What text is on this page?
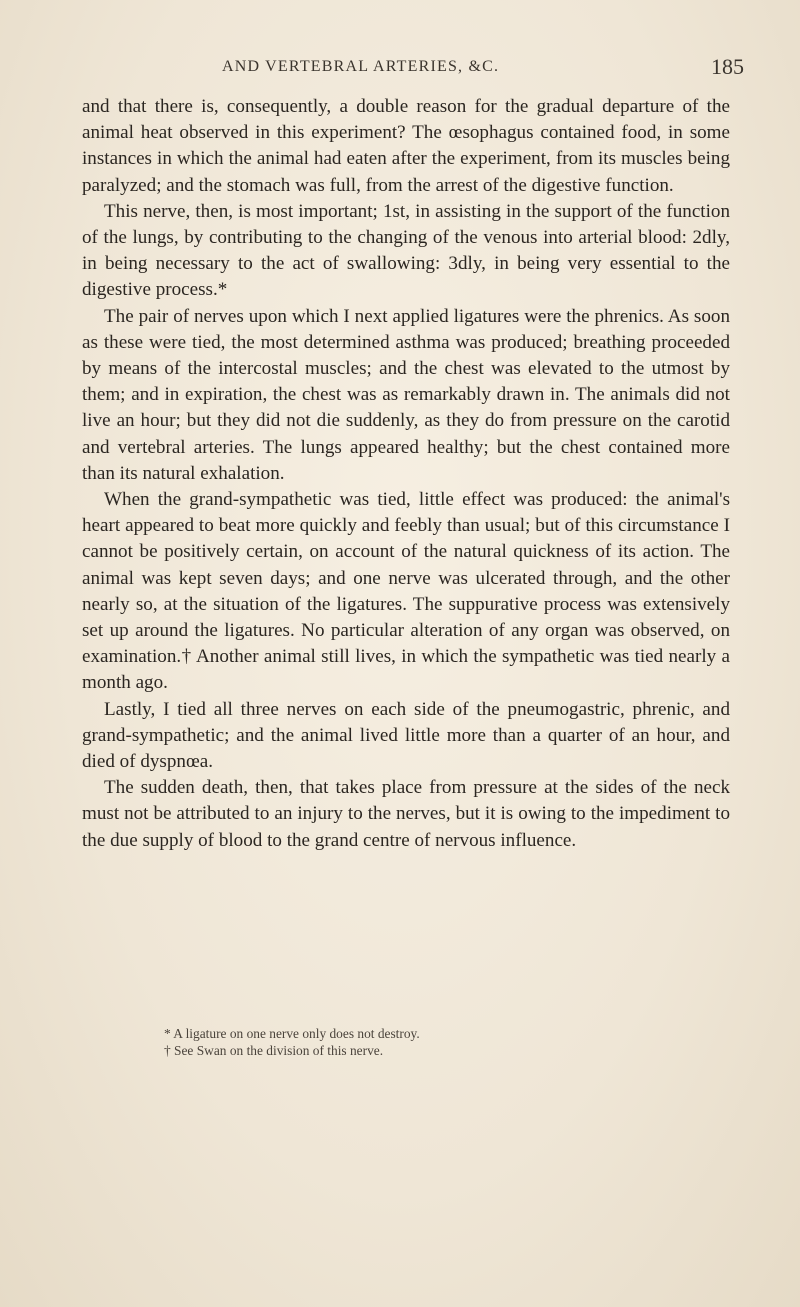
AND VERTEBRAL ARTERIES, &C.	185

and that there is, consequently, a double reason for the gradual departure of the animal heat observed in this experiment? The œsophagus contained food, in some instances in which the animal had eaten after the experiment, from its muscles being paralyzed; and the stomach was full, from the arrest of the digestive function.

This nerve, then, is most important; 1st, in assisting in the support of the function of the lungs, by contributing to the changing of the venous into arterial blood: 2dly, in being necessary to the act of swallowing: 3dly, in being very essential to the digestive process.*

The pair of nerves upon which I next applied ligatures were the phrenics. As soon as these were tied, the most determined asthma was produced; breathing proceeded by means of the intercostal muscles; and the chest was elevated to the utmost by them; and in expiration, the chest was as remarkably drawn in. The animals did not live an hour; but they did not die suddenly, as they do from pressure on the carotid and vertebral arteries. The lungs appeared healthy; but the chest contained more than its natural exhalation.

When the grand-sympathetic was tied, little effect was produced: the animal's heart appeared to beat more quickly and feebly than usual; but of this circumstance I cannot be positively certain, on account of the natural quickness of its action. The animal was kept seven days; and one nerve was ulcerated through, and the other nearly so, at the situation of the ligatures. The suppurative process was extensively set up around the ligatures. No particular alteration of any organ was observed, on examination.† Another animal still lives, in which the sympathetic was tied nearly a month ago.

Lastly, I tied all three nerves on each side of the pneumogastric, phrenic, and grand-sympathetic; and the animal lived little more than a quarter of an hour, and died of dyspnœa.

The sudden death, then, that takes place from pressure at the sides of the neck must not be attributed to an injury to the nerves, but it is owing to the impediment to the due supply of blood to the grand centre of nervous influence.

* A ligature on one nerve only does not destroy.

† See Swan on the division of this nerve.
